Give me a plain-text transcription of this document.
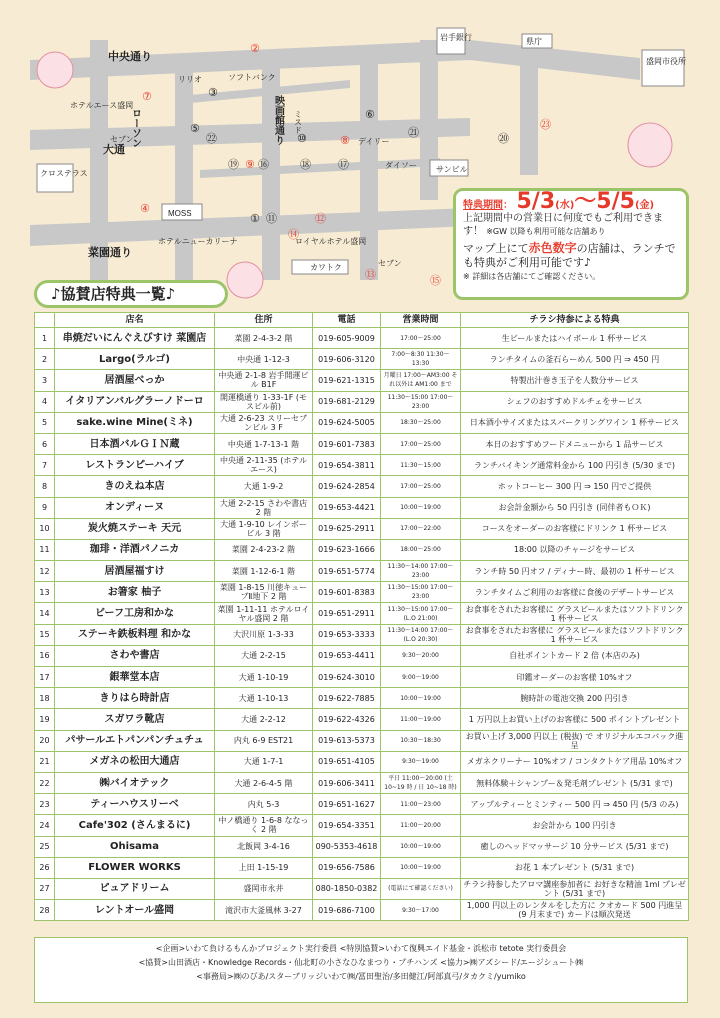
中央通り
大通
菜園通り
岩手銀行	県庁
盛岡市役所
リリオ	ソフトバンク
ホテルエース盛岡
セブン	デイリー
クロステラス	サンビル
ダイソー
MOSS
ホテルニューカリーナ	ロイヤルホテル盛岡
カワトク	セブン
②
③
④
⑤
⑥
⑦
⑧
⑨
⑩
① ⑪	⑫
⑬
⑭
⑮
⑯	⑰
⑱
⑲
⑳
㉑
㉒
㉓
映画館通り
ローソン	ミスド
特典期間： 5/3(水)～5/5(金)
上記期間中の営業日に何度でもご利用できます！ ※GW 以降も利用可能な店舗あり
マップ上にて赤色数字の店舗は、ランチでも特典がご利用可能です♪
※ 詳細は各店舗にてご確認ください。
♪協賛店特典一覧♪
	店名	住所	電話	営業時間	チラシ持参による特典
1	串焼だいにんぐえびすけ 菜園店	菜園 2-4-3-2 階	019-605-9009	17:00～25:00	生ビールまたはハイボール 1 杯サービス
2	Largo(ラルゴ)	中央通 1-12-3	019-606-3120	7:00～8:30 11:30～13:30	ランチタイムの釜石らーめん 500 円 ⇒ 450 円
3	居酒屋べっか	中央通 2-1-8 岩手開運ビル B1F	019-621-1315	月曜日 17:00～AM3:00 それ以外は AM1:00 まで	特製出汁巻き玉子を人数分サービス
4	イタリアンバルグラーノドーロ	開運橋通り 1-33-1F (モスビル前)	019-681-2129	11:30～15:00 17:00～23:00	シェフのおすすめドルチェをサービス
5	sake.wine Mine(ミネ)	大通 2-6-23 スリーセブンビル 3 F	019-624-5005	18:30～25:00	日本酒小サイズまたはスパークリングワイン 1 杯サービス
6	日本酒バルＧＩＮ蔵	中央通 1-7-13-1 階	019-601-7383	17:00～25:00	本日のおすすめフードメニューから 1 品サービス
7	レストランピーハイブ	中央通 2-11-35 (ホテルエース)	019-654-3811	11:30～15:00	ランチバイキング通常料金から 100 円引き (5/30 まで)
8	きのえね本店	大通 1-9-2	019-624-2854	17:00～25:00	ホットコーヒー 300 円 ⇒ 150 円でご提供
9	オンディーヌ	大通 2-2-15 さわや書店 2 階	019-653-4421	10:00～19:00	お会計金額から 50 円引き (同伴者もＯＫ)
10	炭火焼ステーキ 天元	大通 1-9-10 レインボービル 3 階	019-625-2911	17:00～22:00	コースをオーダーのお客様にドリンク 1 杯サービス
11	珈琲・洋酒パノニカ	菜園 2-4-23-2 階	019-623-1666	18:00～25:00	18:00 以降のチャージをサービス
12	居酒屋福すけ	菜園 1-12-6-1 階	019-651-5774	11:30～14:00 17:00～23:00	ランチ時 50 円オフ / ディナー時、最初の 1 杯サービス
13	お箸家 柚子	菜園 1-8-15 川徳キューブⅡ地下 2 階	019-601-8383	11:30～15:00 17:00～23:00	ランチタイムご利用のお客様に食後のデザートサービス
14	ビーフ工房和かな	菜園 1-11-11 ホテルロイヤル盛岡 2 階	019-651-2911	11:30～15:00 17:00～ (L.O 21:00)	お食事をされたお客様に グラスビールまたはソフトドリンク 1 杯サービス
15	ステーキ鉄板料理 和かな	大沢川原 1-3-33	019-653-3333	11:30～14:00 17:00～ (L.O 20:30)	お食事をされたお客様に グラスビールまたはソフトドリンク 1 杯サービス
16	さわや書店	大通 2-2-15	019-653-4411	9:30～20:00	自社ポイントカード 2 倍 (本店のみ)
17	銀華堂本店	大通 1-10-19	019-624-3010	9:00～19:00	印鑑オーダーのお客様 10%オフ
18	きりはら時計店	大通 1-10-13	019-622-7885	10:00～19:00	腕時計の電池交換 200 円引き
19	スガワラ靴店	大通 2-2-12	019-622-4326	11:00～19:00	1 万円以上お買い上げのお客様に 500 ポイントプレゼント
20	パサールエトパンパンチュチュ	内丸 6-9 EST21	019-613-5373	10:30～18:30	お買い上げ 3,000 円以上 (税抜) で オリジナルエコバック進呈
21	メガネの松田大通店	大通 1-7-1	019-651-4105	9:30～19:00	メガネクリーナー 10%オフ / コンタクトケア用品 10%オフ
22	㈱バイオテック	大通 2-6-4-5 階	019-606-3411	平日 11:00～20:00 (土 10~19 時 / 日 10~18 時)	無料体験＋シャンプー＆発毛剤プレゼント (5/31 まで)
23	ティーハウスリーベ	内丸 5-3	019-651-1627	11:00～23:00	アップルティーとミンティー 500 円 ⇒ 450 円 (5/3 のみ)
24	Cafe'302 (さんまるに)	中ノ橋通り 1-6-8 ななっく 2 階	019-654-3351	11:00～20:00	お会計から 100 円引き
25	Ohisama	北飯岡 3-4-16	090-5353-4618	10:00～19:00	癒しのヘッドマッサージ 10 分サービス (5/31 まで)
26	FLOWER WORKS	上田 1-15-19	019-656-7586	10:00～19:00	お花 1 本プレゼント (5/31 まで)
27	ピュアドリーム	盛岡市永井	080-1850-0382	(電話にて確認ください)	チラシ持参したアロマ講座参加者に お好きな精油 1ml プレゼント (5/31 まで)
28	レントオール盛岡	滝沢市大釜風林 3-27	019-686-7100	9:30～17:00	1,000 円以上のレンタルをした方に クオカード 500 円進呈 (9 月末まで) カードは順次発送
<企画>いわて負けるもんかプロジェクト実行委員 <特別協賛>いわて復興エイド基金・浜松市 tetote 実行委員会
<協賛>山田酒店・Knowledge Records・仙北町の小さなひなまつり・プチハンズ <協力>㈱アズシード/エージシュート㈱
<事務局>㈱のびあ/スターブリッジいわて㈱/冨田聖治/多田健江/阿部真弓/タカクミ/yumiko
